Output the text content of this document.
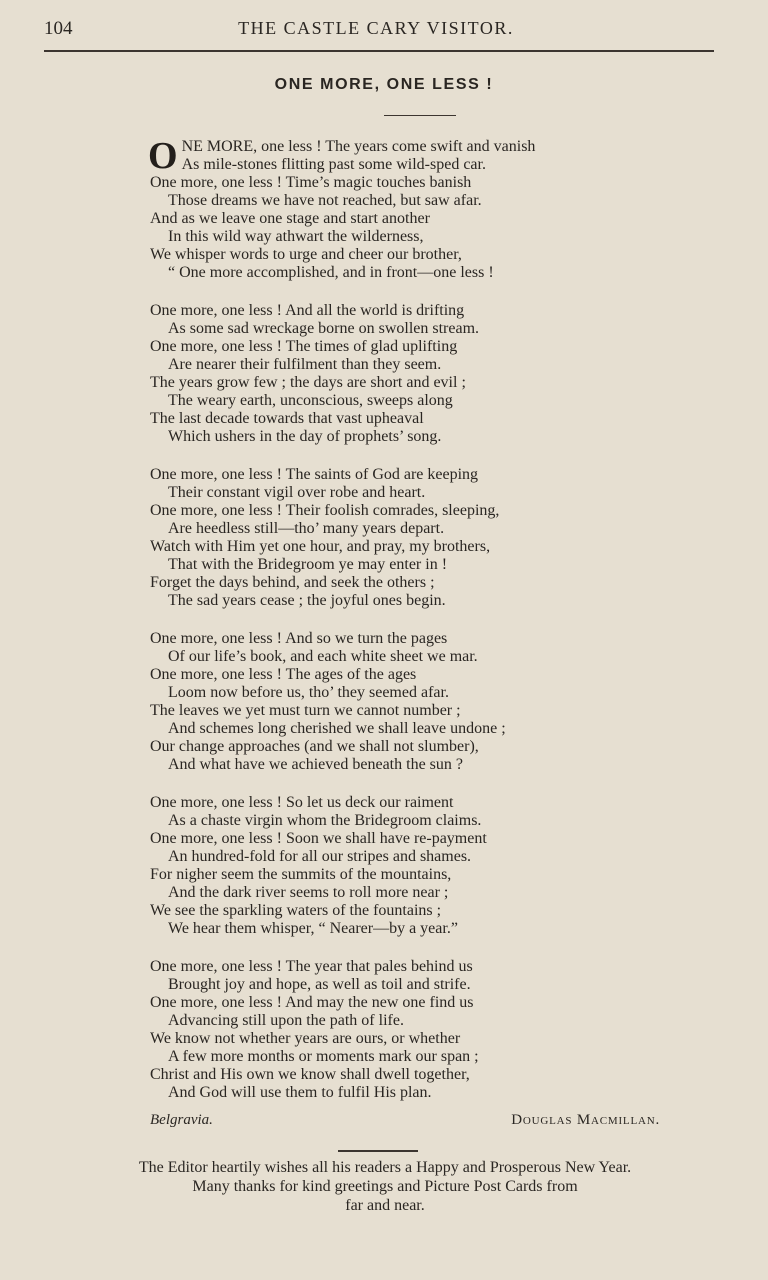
104	THE CASTLE CARY VISITOR.
ONE MORE, ONE LESS !
O NE MORE, one less ! The years come swift and vanish
As mile-stones flitting past some wild-sped car.
One more, one less ! Time’s magic touches banish
Those dreams we have not reached, but saw afar.
And as we leave one stage and start another
In this wild way athwart the wilderness,
We whisper words to urge and cheer our brother,
“ One more accomplished, and in front—one less !
One more, one less ! And all the world is drifting
As some sad wreckage borne on swollen stream.
One more, one less ! The times of glad uplifting
Are nearer their fulfilment than they seem.
The years grow few ; the days are short and evil ;
The weary earth, unconscious, sweeps along
The last decade towards that vast upheaval
Which ushers in the day of prophets’ song.
One more, one less ! The saints of God are keeping
Their constant vigil over robe and heart.
One more, one less ! Their foolish comrades, sleeping,
Are heedless still—tho’ many years depart.
Watch with Him yet one hour, and pray, my brothers,
That with the Bridegroom ye may enter in !
Forget the days behind, and seek the others ;
The sad years cease ; the joyful ones begin.
One more, one less ! And so we turn the pages
Of our life’s book, and each white sheet we mar.
One more, one less ! The ages of the ages
Loom now before us, tho’ they seemed afar.
The leaves we yet must turn we cannot number ;
And schemes long cherished we shall leave undone ;
Our change approaches (and we shall not slumber),
And what have we achieved beneath the sun ?
One more, one less ! So let us deck our raiment
As a chaste virgin whom the Bridegroom claims.
One more, one less ! Soon we shall have re-payment
An hundred-fold for all our stripes and shames.
For nigher seem the summits of the mountains,
And the dark river seems to roll more near ;
We see the sparkling waters of the fountains ;
We hear them whisper, “ Nearer—by a year.”
One more, one less ! The year that pales behind us
Brought joy and hope, as well as toil and strife.
One more, one less ! And may the new one find us
Advancing still upon the path of life.
We know not whether years are ours, or whether
A few more months or moments mark our span ;
Christ and His own we know shall dwell together,
And God will use them to fulfil His plan.
Belgravia.	Douglas Macmillan.
The Editor heartily wishes all his readers a Happy and Prosperous New Year.
Many thanks for kind greetings and Picture Post Cards from
far and near.
